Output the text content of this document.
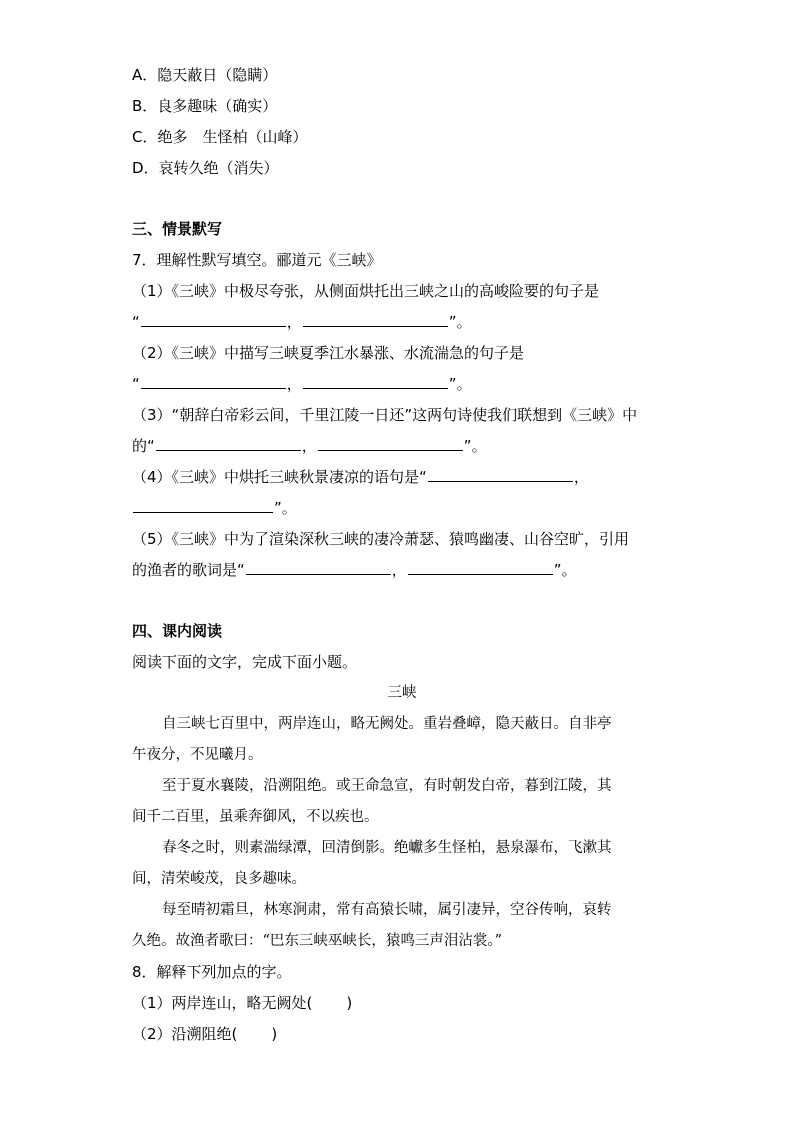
A．隐天蔽日（隐瞒）
B．良多趣味（确实）
C．绝多　生怪柏（山峰）
D．哀转久绝（消失）
三、情景默写
7．理解性默写填空。郦道元《三峡》
（1）《三峡》中极尽夸张，从侧面烘托出三峡之山的高峻险要的句子是
“	，	”。
（2）《三峡》中描写三峡夏季江水暴涨、水流湍急的句子是
“	，	”。
（3）“朝辞白帝彩云间，千里江陵一日还”这两句诗使我们联想到《三峡》中
的“	，	”。
（4）《三峡》中烘托三峡秋景凄凉的语句是“	，
”。
（5）《三峡》中为了渲染深秋三峡的凄冷萧瑟、猿鸣幽凄、山谷空旷，引用
的渔者的歌词是“	，	”。
四、课内阅读
阅读下面的文字，完成下面小题。
三峡
自三峡七百里中，两岸连山，略无阙处。重岩叠嶂，隐天蔽日。自非亭
午夜分，不见曦月。
至于夏水襄陵，沿溯阻绝。或王命急宣，有时朝发白帝，暮到江陵，其
间千二百里，虽乘奔御风，不以疾也。
春冬之时，则素湍绿潭，回清倒影。绝巘多生怪柏，悬泉瀑布，飞漱其
间，清荣峻茂，良多趣味。
每至晴初霜旦，林寒涧肃，常有高猿长啸，属引凄异，空谷传响，哀转
久绝。故渔者歌曰：“巴东三峡巫峡长，猿鸣三声泪沾裳。”
8．解释下列加点的字。
（1）两岸连山，略无阙处( )
（2）沿溯阻绝( )
